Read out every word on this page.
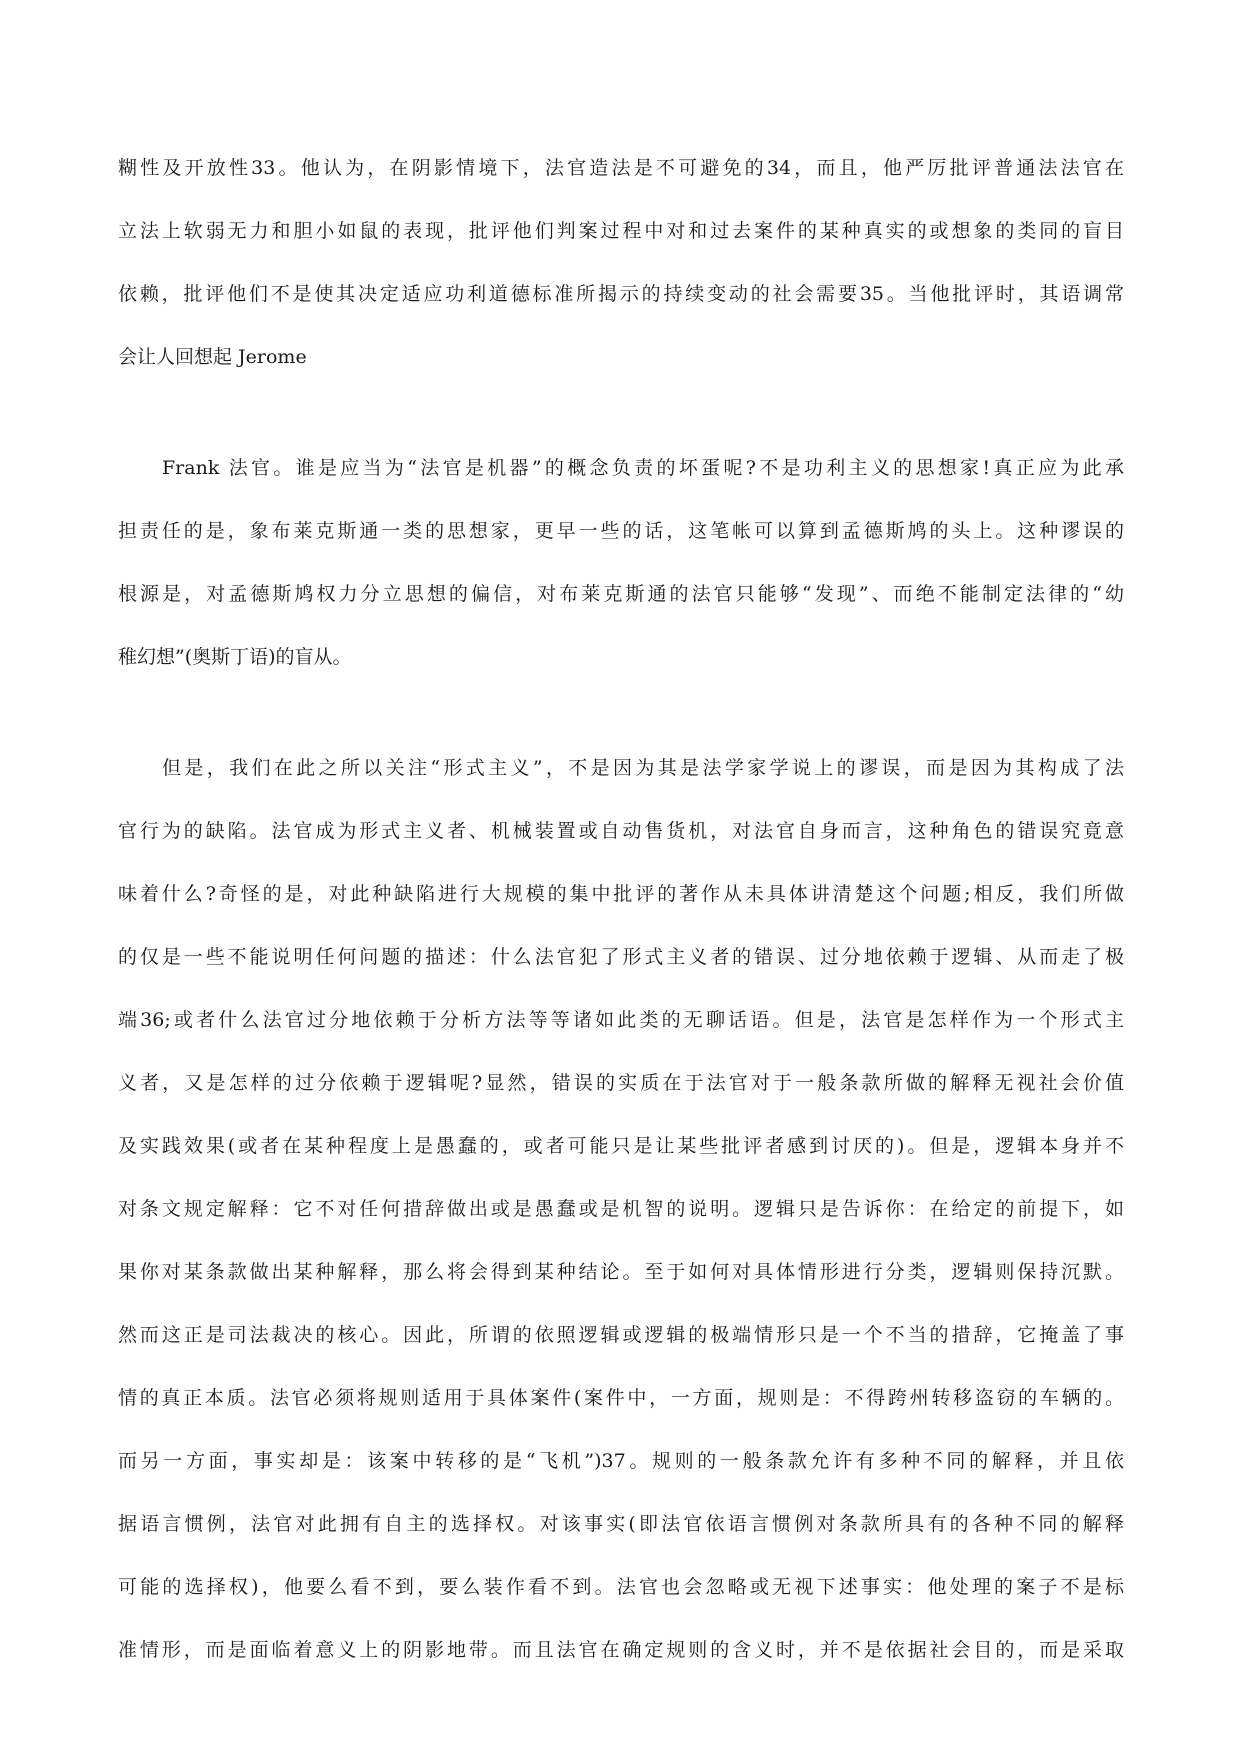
糊性及开放性33。他认为，在阴影情境下，法官造法是不可避免的34，而且，他严厉批评普通法法官在
立法上软弱无力和胆小如鼠的表现，批评他们判案过程中对和过去案件的某种真实的或想象的类同的盲目
依赖，批评他们不是使其决定适应功利道德标准所揭示的持续变动的社会需要35。当他批评时，其语调常
会让人回想起 Jerome
Frank 法官。谁是应当为“法官是机器”的概念负责的坏蛋呢?不是功利主义的思想家!真正应为此承
担责任的是，象布莱克斯通一类的思想家，更早一些的话，这笔帐可以算到孟德斯鸠的头上。这种谬误的
根源是，对孟德斯鸠权力分立思想的偏信，对布莱克斯通的法官只能够“发现”、而绝不能制定法律的“幼
稚幻想”(奥斯丁语)的盲从。
但是，我们在此之所以关注“形式主义”，不是因为其是法学家学说上的谬误，而是因为其构成了法
官行为的缺陷。法官成为形式主义者、机械装置或自动售货机，对法官自身而言，这种角色的错误究竟意
味着什么?奇怪的是，对此种缺陷进行大规模的集中批评的著作从未具体讲清楚这个问题;相反，我们所做
的仅是一些不能说明任何问题的描述：什么法官犯了形式主义者的错误、过分地依赖于逻辑、从而走了极
端36;或者什么法官过分地依赖于分析方法等等诸如此类的无聊话语。但是，法官是怎样作为一个形式主
义者，又是怎样的过分依赖于逻辑呢?显然，错误的实质在于法官对于一般条款所做的解释无视社会价值
及实践效果(或者在某种程度上是愚蠢的，或者可能只是让某些批评者感到讨厌的)。但是，逻辑本身并不
对条文规定解释：它不对任何措辞做出或是愚蠢或是机智的说明。逻辑只是告诉你：在给定的前提下，如
果你对某条款做出某种解释，那么将会得到某种结论。至于如何对具体情形进行分类，逻辑则保持沉默。
然而这正是司法裁决的核心。因此，所谓的依照逻辑或逻辑的极端情形只是一个不当的措辞，它掩盖了事
情的真正本质。法官必须将规则适用于具体案件(案件中，一方面，规则是：不得跨州转移盗窃的车辆的。
而另一方面，事实却是：该案中转移的是“飞机”)37。规则的一般条款允许有多种不同的解释，并且依
据语言惯例，法官对此拥有自主的选择权。对该事实(即法官依语言惯例对条款所具有的各种不同的解释
可能的选择权)，他要么看不到，要么装作看不到。法官也会忽略或无视下述事实：他处理的案子不是标
准情形，而是面临着意义上的阴影地带。而且法官在确定规则的含义时，并不是依据社会目的，而是采取
